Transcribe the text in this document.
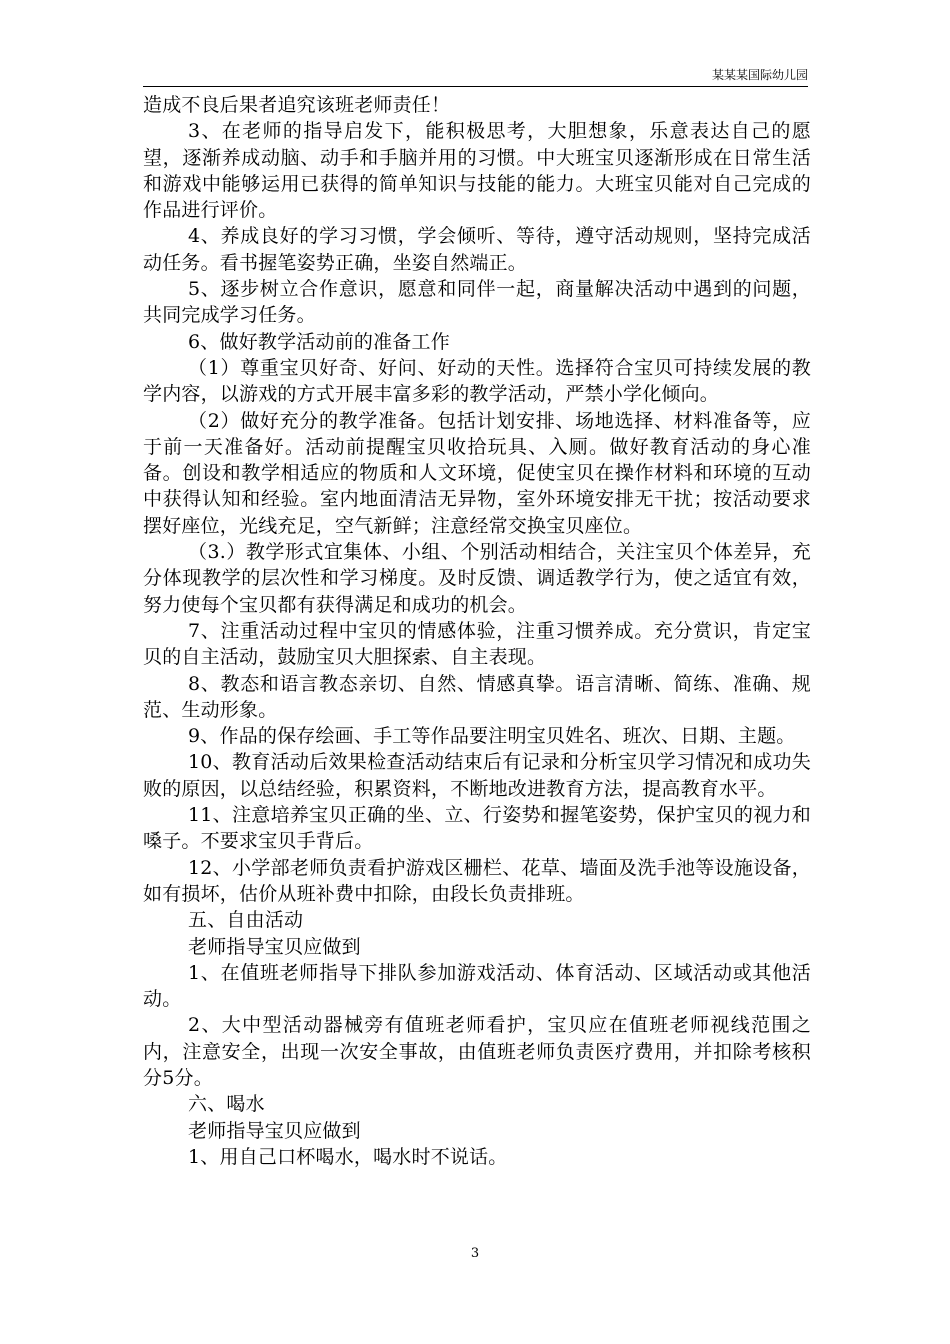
某某某国际幼儿园

造成不良后果者追究该班老师责任！

3、在老师的指导启发下，能积极思考，大胆想象，乐意表达自己的愿望，逐渐养成动脑、动手和手脑并用的习惯。中大班宝贝逐渐形成在日常生活和游戏中能够运用已获得的简单知识与技能的能力。大班宝贝能对自己完成的作品进行评价。

4、养成良好的学习习惯，学会倾听、等待，遵守活动规则，坚持完成活动任务。看书握笔姿势正确，坐姿自然端正。

5、逐步树立合作意识，愿意和同伴一起，商量解决活动中遇到的问题，共同完成学习任务。

6、做好教学活动前的准备工作

（1）尊重宝贝好奇、好问、好动的天性。选择符合宝贝可持续发展的教学内容，以游戏的方式开展丰富多彩的教学活动，严禁小学化倾向。

（2）做好充分的教学准备。包括计划安排、场地选择、材料准备等，应于前一天准备好。活动前提醒宝贝收拾玩具、入厕。做好教育活动的身心准备。创设和教学相适应的物质和人文环境，促使宝贝在操作材料和环境的互动中获得认知和经验。室内地面清洁无异物，室外环境安排无干扰；按活动要求摆好座位，光线充足，空气新鲜；注意经常交换宝贝座位。

（3.）教学形式宜集体、小组、个别活动相结合，关注宝贝个体差异，充分体现教学的层次性和学习梯度。及时反馈、调适教学行为，使之适宜有效，努力使每个宝贝都有获得满足和成功的机会。

7、注重活动过程中宝贝的情感体验，注重习惯养成。充分赏识，肯定宝贝的自主活动，鼓励宝贝大胆探索、自主表现。

8、教态和语言教态亲切、自然、情感真挚。语言清晰、简练、准确、规范、生动形象。

9、作品的保存绘画、手工等作品要注明宝贝姓名、班次、日期、主题。

10、教育活动后效果检查活动结束后有记录和分析宝贝学习情况和成功失败的原因，以总结经验，积累资料，不断地改进教育方法，提高教育水平。

11、注意培养宝贝正确的坐、立、行姿势和握笔姿势，保护宝贝的视力和嗓子。不要求宝贝手背后。

12、小学部老师负责看护游戏区栅栏、花草、墙面及洗手池等设施设备，如有损坏，估价从班补费中扣除，由段长负责排班。

五、自由活动

老师指导宝贝应做到

1、在值班老师指导下排队参加游戏活动、体育活动、区域活动或其他活动。

2、大中型活动器械旁有值班老师看护，宝贝应在值班老师视线范围之内，注意安全，出现一次安全事故，由值班老师负责医疗费用，并扣除考核积分5分。

六、喝水

老师指导宝贝应做到

1、用自己口杯喝水，喝水时不说话。

3
